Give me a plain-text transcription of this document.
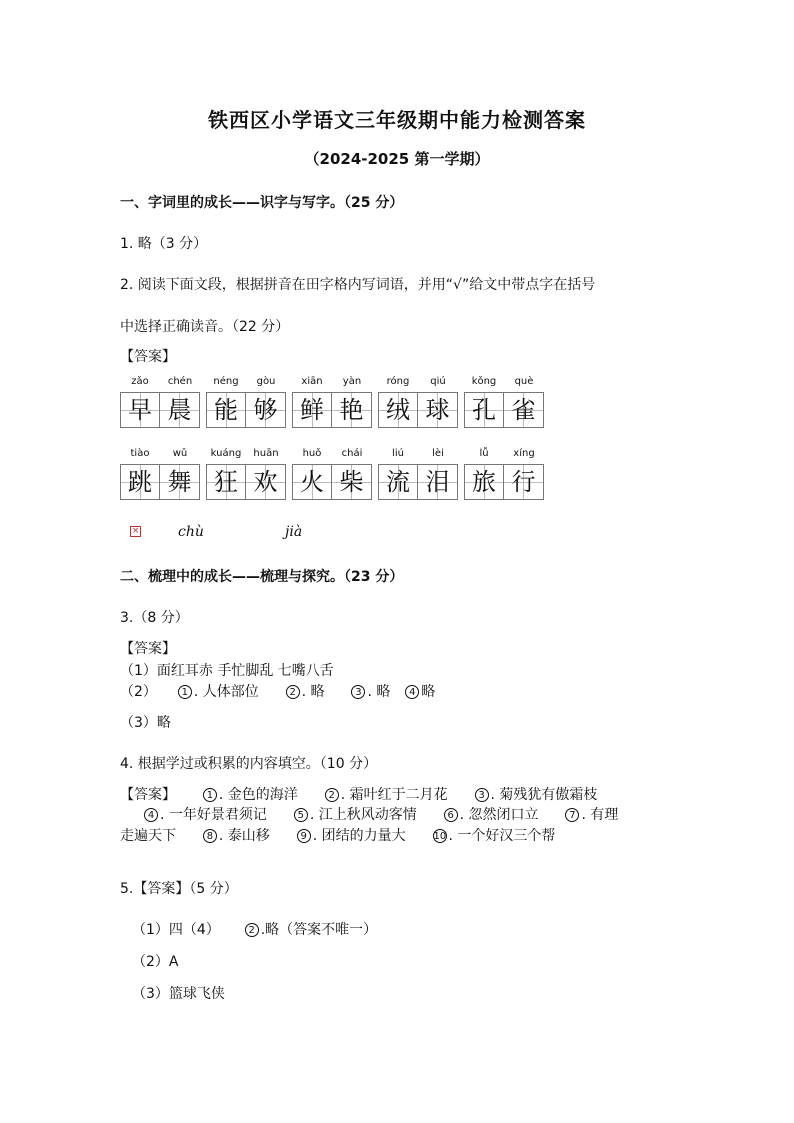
铁西区小学语文三年级期中能力检测答案
（2024-2025 第一学期）
一、字词里的成长——识字与写字。（25 分）
1. 略（3 分）
2. 阅读下面文段，根据拼音在田字格内写词语，并用“√”给文中带点字在括号
中选择正确读音。（22 分）
【答案】
zǎo	chén
早 晨
néng	gòu
能 够
xiān	yàn
鲜 艳
róng	qiú
绒 球
kǒng	què
孔 雀
tiào	wǔ
跳 舞
kuáng	huān
狂 欢
huǒ	chái
火 柴
liú	lèi
流 泪
lǚ	xíng
旅 行
×	chù	jià
二、梳理中的成长——梳理与探究。（23 分）
3.（8 分）
【答案】
（1）面红耳赤 手忙脚乱 七嘴八舌
（2） 1 . 人体部位	2 . 略	3 . 略 4 略
（3）略
4. 根据学过或积累的内容填空。（10 分）
【答案】	1 . 金色的海洋	2 . 霜叶红于二月花	3 . 菊残犹有傲霜枝
4 . 一年好景君须记	5 . 江上秋风动客情	6 . 忽然闭口立	7 . 有理
走遍天下	8 . 泰山移	9 . 团结的力量大	10 . 一个好汉三个帮
5.【答案】（5 分）
（1）四（4）	2 .略（答案不唯一）
（2）A
（3）篮球飞侠
